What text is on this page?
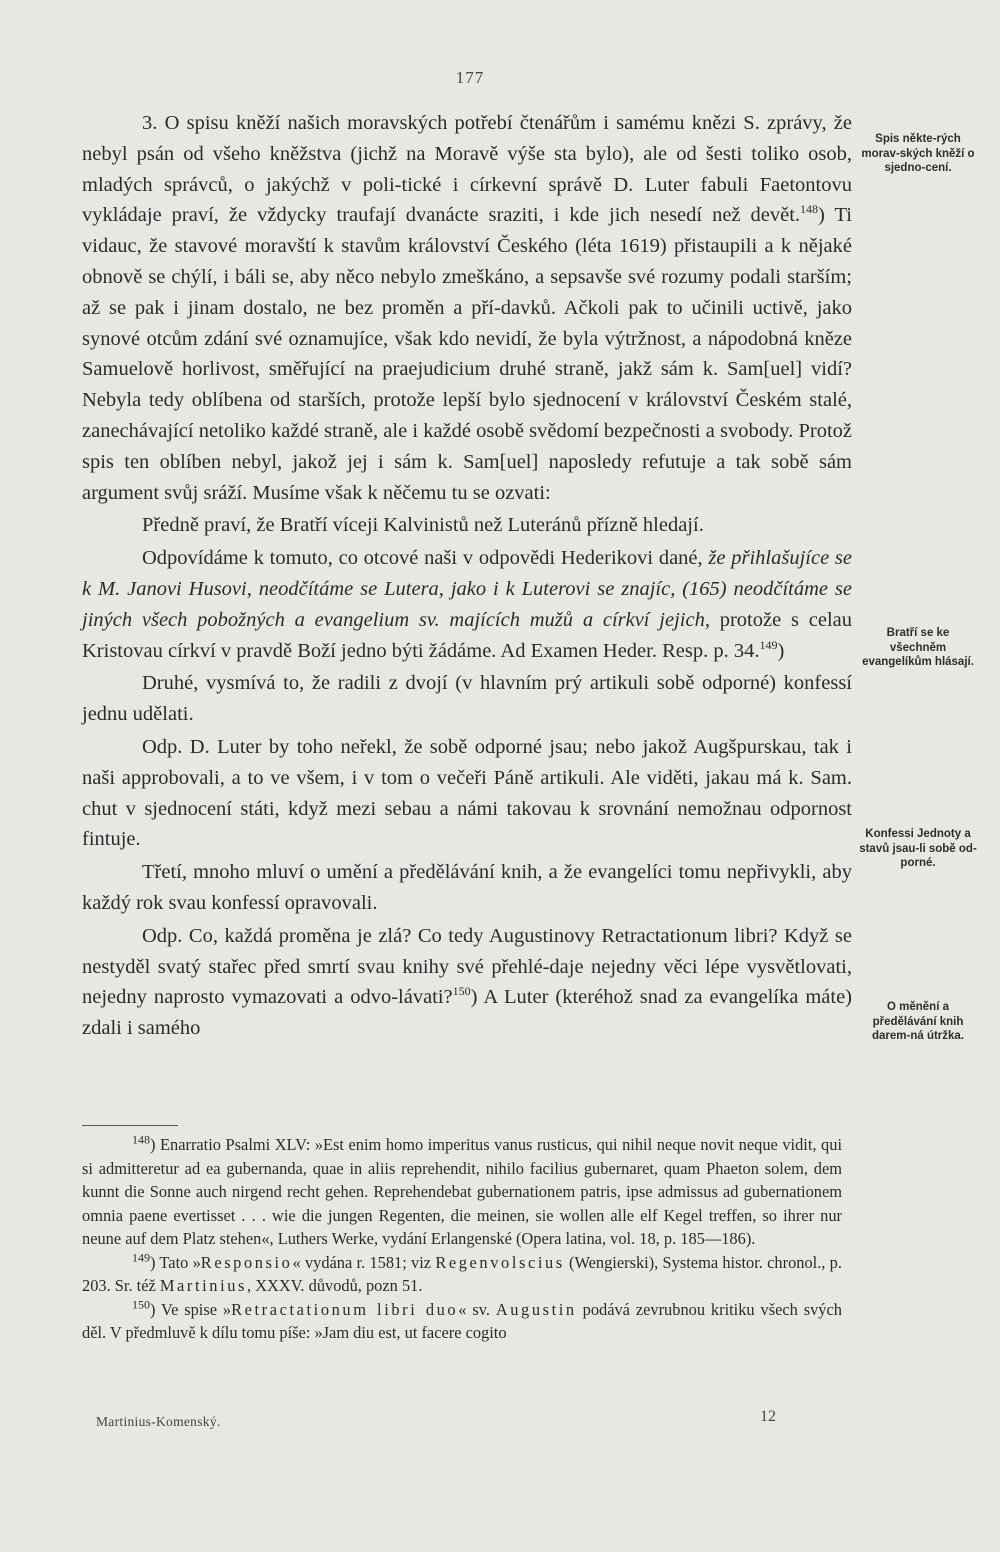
177

3. O spisu kněží našich moravských potřebí čtenářům i samému knězi S. zprávy, že nebyl psán od všeho kněžstva (jichž na Moravě výše sta bylo), ale od šesti toliko osob, mladých správců, o jakýchž v poli-tické i církevní správě D. Luter fabuli Faetontovu vykládaje praví, že vždycky traufají dvanácte sraziti, i kde jich nesedí než devět.$^{148}$) Ti vidauc, že stavové moravští k stavům království Českého (léta 1619) přistaupili a k nějaké obnově se chýlí, i báli se, aby něco nebylo zmeškáno, a sepsavše své rozumy podali starším; až se pak i jinam dostalo, ne bez proměn a pří-davků. Ačkoli pak to učinili uctivě, jako synové otcům zdání své oznamujíce, však kdo nevidí, že byla výtržnost, a nápodobná kněze Samuelově horlivost, směřující na praejudicium druhé straně, jakž sám k. Sam[uel] vidí? Nebyla tedy oblíbena od starších, protože lepší bylo sjednocení v království Českém stalé, zanechávající netoliko každé straně, ale i každé osobě svědomí bezpečnosti a svobody. Protož spis ten oblíben nebyl, jakož jej i sám k. Sam[uel] naposledy refutuje a tak sobě sám argument svůj sráží. Musíme však k něčemu tu se ozvati:

Předně praví, že Bratří víceji Kalvinistů než Luteránů přízně hledají.

Odpovídáme k tomuto, co otcové naši v odpovědi Hederikovi dané, že přihlašujíce se k M. Janovi Husovi, neodčítáme se Lutera, jako i k Luterovi se znajíc, (165) neodčítáme se jiných všech pobožných a evangelium sv. majících mužů a církví jejich, protože s celau Kristovau církví v pravdě Boží jedno býti žádáme. Ad Examen Heder. Resp. p. 34.$^{149}$)

Druhé, vysmívá to, že radili z dvojí (v hlavním prý artikuli sobě odporné) konfessí jednu udělati.

Odp. D. Luter by toho neřekl, že sobě odporné jsau; nebo jakož Augšpurskau, tak i naši approbovali, a to ve všem, i v tom o večeři Páně artikuli. Ale viděti, jakau má k. Sam. chut v sjednocení státi, když mezi sebau a námi takovau k srovnání nemožnau odpornost fintuje.

Třetí, mnoho mluví o umění a předělávání knih, a že evangelíci tomu nepřivykli, aby každý rok svau konfessí opravovali.

Odp. Co, každá proměna je zlá? Co tedy Augustinovy Retractationum libri? Když se nestyděl svatý stařec před smrtí svau knihy své přehlé-daje nejedny věci lépe vysvětlovati, nejedny naprosto vymazovati a odvo-lávati?$^{150}$) A Luter (kteréhož snad za evangelíka máte) zdali i samého

Spis někte-rých morav-ských kněží o sjedno-cení.
Bratří se ke všechněm evangelíkům hlásají.
Konfessi Jednoty a stavů jsau-li sobě od-porné.
O měnění a předělávání knih darem-ná útržka.

$^{148}$) Enarratio Psalmi XLV: »Est enim homo imperitus vanus rusticus, qui nihil neque novit neque vidit, qui si admitteretur ad ea gubernanda, quae in aliis reprehendit, nihilo facilius gubernaret, quam Phaeton solem, dem kunnt die Sonne auch nirgend recht gehen. Reprehendebat gubernationem patris, ipse admissus ad gubernationem omnia paene evertisset . . . wie die jungen Regenten, die meinen, sie wollen alle elf Kegel treffen, so ihrer nur neune auf dem Platz stehen«, Luthers Werke, vydání Erlangenské (Opera latina, vol. 18, p. 185—186).

$^{149}$) Tato »Responsio« vydána r. 1581; viz Regenvolscius (Wengierski), Systema histor. chronol., p. 203. Sr. též Martinius, XXXV. důvodů, pozn 51.

$^{150}$) Ve spise »Retractationum libri duo« sv. Augustin podává zevrubnou kritiku všech svých děl. V předmluvě k dílu tomu píše: »Jam diu est, ut facere cogito

Martinius-Komenský.	12
